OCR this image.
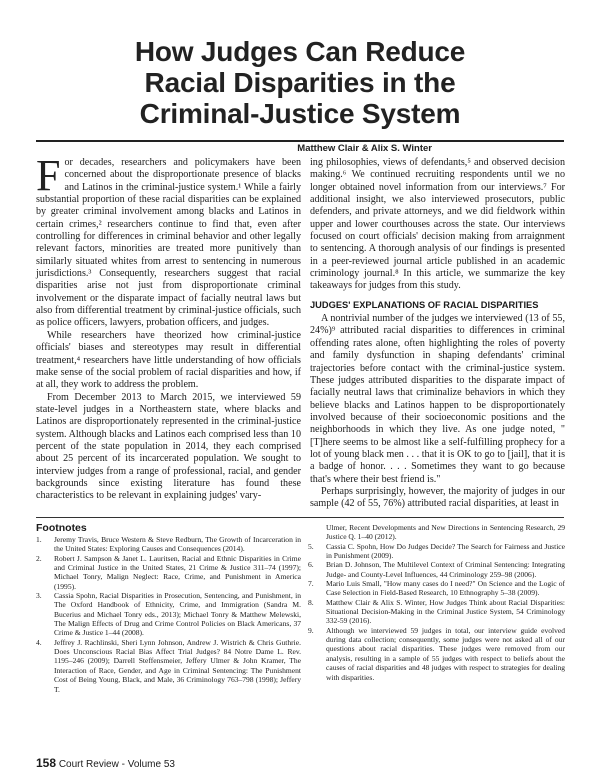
How Judges Can Reduce
Racial Disparities in the
Criminal-Justice System
Matthew Clair & Alix S. Winter

For decades, researchers and policymakers have been concerned about the disproportionate presence of blacks and Latinos in the criminal-justice system.¹ While a fairly substantial proportion of these racial disparities can be explained by greater criminal involvement among blacks and Latinos in certain crimes,² researchers continue to find that, even after controlling for differences in criminal behavior and other legally relevant factors, minorities are treated more punitively than similarly situated whites from arrest to sentencing in numerous jurisdictions.³ Consequently, researchers suggest that racial disparities arise not just from disproportionate criminal involvement or the disparate impact of facially neutral laws but also from differential treatment by criminal-justice officials, such as police officers, lawyers, probation officers, and judges.

While researchers have theorized how criminal-justice officials' biases and stereotypes may result in differential treatment,⁴ researchers have little understanding of how officials make sense of the social problem of racial disparities and how, if at all, they work to address the problem.

From December 2013 to March 2015, we interviewed 59 state-level judges in a Northeastern state, where blacks and Latinos are disproportionately represented in the criminal-justice system. Although blacks and Latinos each comprised less than 10 percent of the state population in 2014, they each comprised about 25 percent of its incarcerated population. We sought to interview judges from a range of professional, racial, and gender backgrounds since existing literature has found these characteristics to be relevant in explaining judges' vary-

ing philosophies, views of defendants,⁵ and observed decision making.⁶ We continued recruiting respondents until we no longer obtained novel information from our interviews.⁷ For additional insight, we also interviewed prosecutors, public defenders, and private attorneys, and we did fieldwork within upper and lower courthouses across the state. Our interviews focused on court officials' decision making from arraignment to sentencing. A thorough analysis of our findings is presented in a peer-reviewed journal article published in an academic criminology journal.⁸ In this article, we summarize the key takeaways for judges from this study.

JUDGES' EXPLANATIONS OF RACIAL DISPARITIES

A nontrivial number of the judges we interviewed (13 of 55, 24%)⁹ attributed racial disparities to differences in criminal offending rates alone, often highlighting the roles of poverty and family dysfunction in shaping defendants' criminal trajectories before contact with the criminal-justice system. These judges attributed disparities to the disparate impact of facially neutral laws that criminalize behaviors in which they believe blacks and Latinos happen to be disproportionately involved because of their socioeconomic positions and the neighborhoods in which they live. As one judge noted, "[T]here seems to be almost like a self-fulfilling prophecy for a lot of young black men . . . that it is OK to go to [jail], that it is a badge of honor. . . . Sometimes they want to go because that's where their best friend is."

Perhaps surprisingly, however, the majority of judges in our sample (42 of 55, 76%) attributed racial disparities, at least in

Footnotes
1.	Jeremy Travis, Bruce Western & Steve Redburn, The Growth of Incarceration in the United States: Exploring Causes and Consequences (2014).
2.	Robert J. Sampson & Janet L. Lauritsen, Racial and Ethnic Disparities in Crime and Criminal Justice in the United States, 21 Crime & Justice 311–74 (1997); Michael Tonry, Malign Neglect: Race, Crime, and Punishment in America (1995).
3.	Cassia Spohn, Racial Disparities in Prosecution, Sentencing, and Punishment, in The Oxford Handbook of Ethnicity, Crime, and Immigration (Sandra M. Bucerius and Michael Tonry eds., 2013); Michael Tonry & Matthew Melewski, The Malign Effects of Drug and Crime Control Policies on Black Americans, 37 Crime & Justice 1–44 (2008).
4.	Jeffrey J. Rachlinski, Sheri Lynn Johnson, Andrew J. Wistrich & Chris Guthrie. Does Unconscious Racial Bias Affect Trial Judges? 84 Notre Dame L. Rev. 1195–246 (2009); Darrell Steffensmeier, Jeffery Ulmer & John Kramer, The Interaction of Race, Gender, and Age in Criminal Sentencing: The Punishment Cost of Being Young, Black, and Male, 36 Criminology 763–798 (1998); Jeffery T.
Ulmer, Recent Developments and New Directions in Sentencing Research, 29 Justice Q. 1–40 (2012).
5.	Cassia C. Spohn, How Do Judges Decide? The Search for Fairness and Justice in Punishment (2009).
6.	Brian D. Johnson, The Multilevel Context of Criminal Sentencing: Integrating Judge- and County-Level Influences, 44 Criminology 259–98 (2006).
7.	Mario Luis Small, "How many cases do I need?" On Science and the Logic of Case Selection in Field-Based Research, 10 Ethnography 5–38 (2009).
8.	Matthew Clair & Alix S. Winter, How Judges Think about Racial Disparities: Situational Decision-Making in the Criminal Justice System, 54 Criminology 332-59 (2016).
9.	Although we interviewed 59 judges in total, our interview guide evolved during data collection; consequently, some judges were not asked all of our questions about racial disparities. These judges were removed from our analysis, resulting in a sample of 55 judges with respect to beliefs about the causes of racial disparities and 48 judges with respect to strategies for dealing with disparities.
158 Court Review - Volume 53
